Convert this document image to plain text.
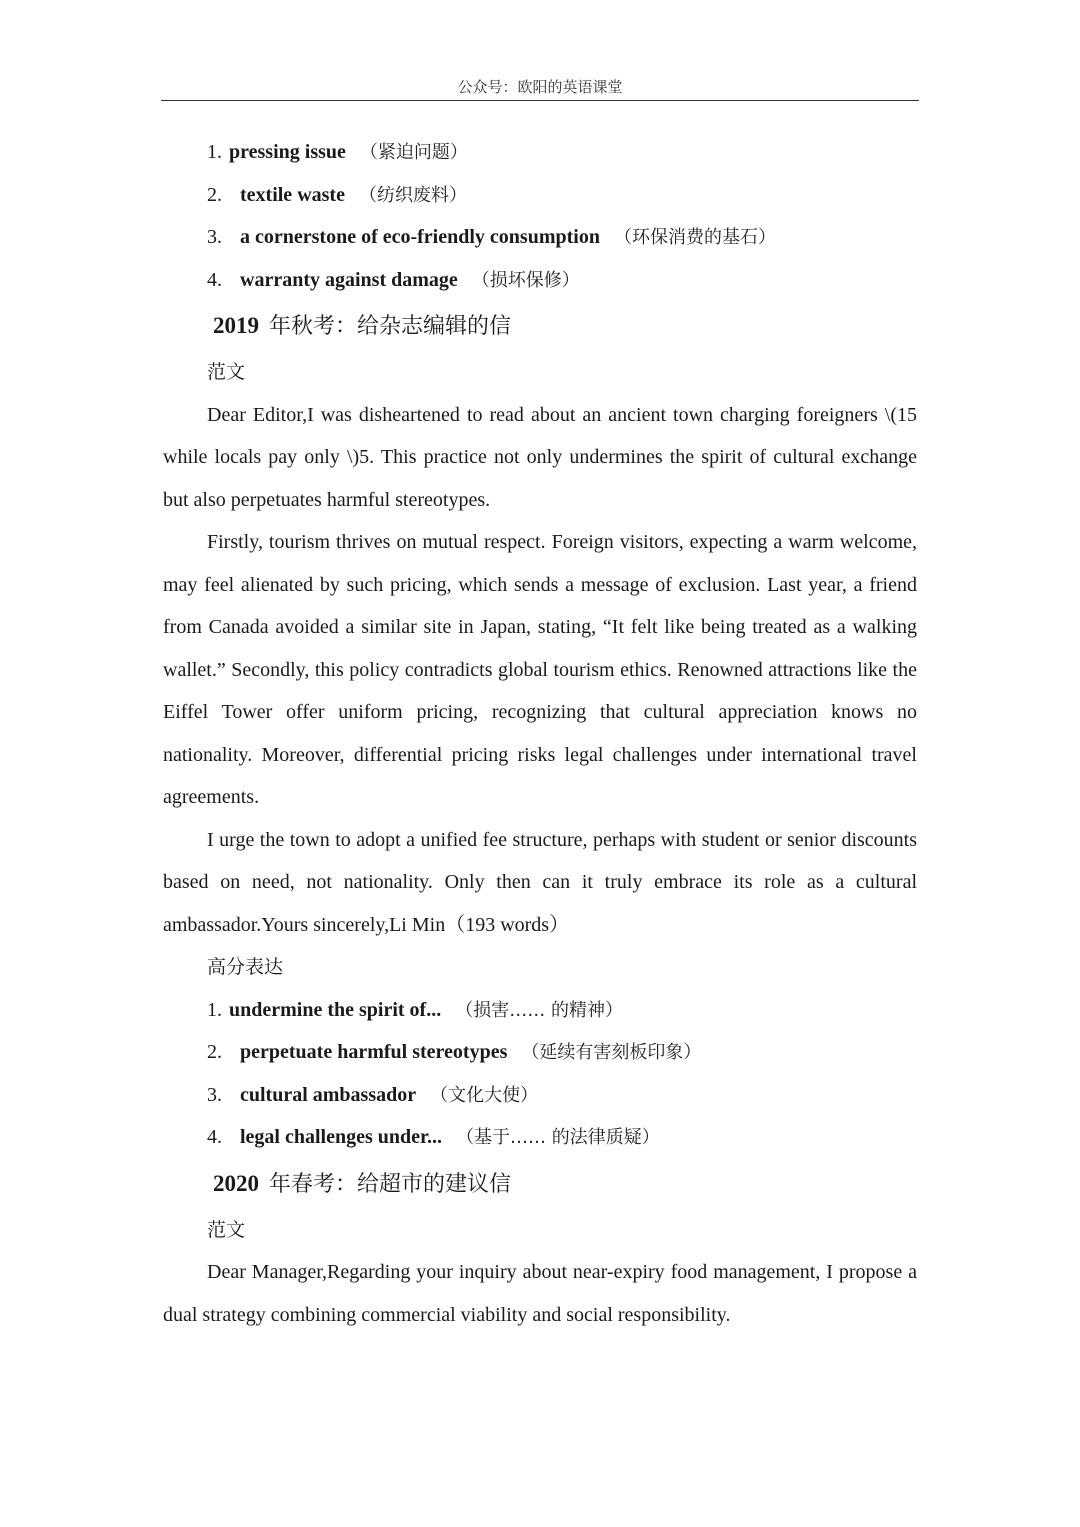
公众号：欧阳的英语课堂
1. pressing issue （紧迫问题）
2. textile waste （纺织废料）
3. a cornerstone of eco-friendly consumption （环保消费的基石）
4. warranty against damage （损坏保修）
2019 年秋考：给杂志编辑的信
范文

Dear Editor,I was disheartened to read about an ancient town charging foreigners \(15 while locals pay only \)5. This practice not only undermines the spirit of cultural exchange but also perpetuates harmful stereotypes.

Firstly, tourism thrives on mutual respect. Foreign visitors, expecting a warm welcome, may feel alienated by such pricing, which sends a message of exclusion. Last year, a friend from Canada avoided a similar site in Japan, stating, “It felt like being treated as a walking wallet.” Secondly, this policy contradicts global tourism ethics. Renowned attractions like the Eiffel Tower offer uniform pricing, recognizing that cultural appreciation knows no nationality. Moreover, differential pricing risks legal challenges under international travel agreements.

I urge the town to adopt a unified fee structure, perhaps with student or senior discounts based on need, not nationality. Only then can it truly embrace its role as a cultural ambassador.Yours sincerely,Li Min（193 words）

高分表达
1. undermine the spirit of... （损害…… 的精神）
2. perpetuate harmful stereotypes （延续有害刻板印象）
3. cultural ambassador （文化大使）
4. legal challenges under... （基于…… 的法律质疑）
2020 年春考：给超市的建议信
范文

Dear Manager,Regarding your inquiry about near-expiry food management, I propose a dual strategy combining commercial viability and social responsibility.
